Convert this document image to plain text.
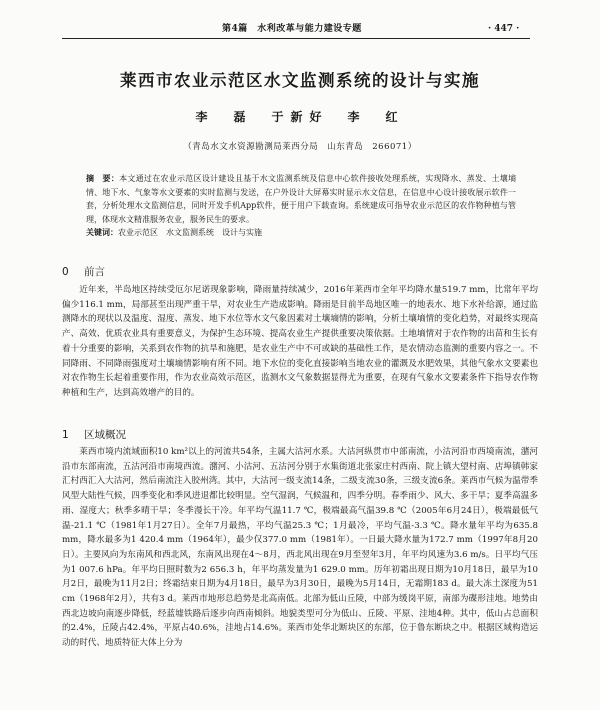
第4篇　水利改革与能力建设专题	· 447 ·
莱西市农业示范区水文监测系统的设计与实施
李　磊　于新好　李　红
（青岛水文水资源勘测局莱西分局　山东青岛　266071）
摘　要：本文通过在农业示范区设计建设且基于水文监测系统及信息中心软件接收处理系统，实现降水、蒸发、土壤墒情、地下水、气象等水文要素的实时监测与发送，在户外设计大屏幕实时显示水文信息，在信息中心设计接收展示软件一套，分析处理水文监测信息，同时开发手机App软件，便于用户下载查询。系统建成可指导农业示范区的农作物种植与管理，体现水文精准服务农业，服务民生的要求。
关键词：农业示范区　水文监测系统　设计与实施
0 前言
近年来，半岛地区持续受厄尔尼诺现象影响，降雨量持续减少，2016年莱西市全年平均降水量519.7 mm，比常年平均偏少116.1 mm，局部甚至出现严重干旱，对农业生产造成影响。降雨是目前半岛地区唯一的地表水、地下水补给源，通过监测降水的现状以及温度、湿度、蒸发、地下水位等水文气象因素对土壤墒情的影响，分析土壤墒情的变化趋势，对最终实现高产、高效、优质农业具有重要意义，为保护生态环境、提高农业生产提供重要决策依据。土地墒情对于农作物的出苗和生长有着十分重要的影响，关系到农作物的抗旱和施肥，是农业生产中不可或缺的基础性工作，是农情动态监测的重要内容之一。不同降雨、不同降雨强度对土壤墒情影响有所不同。地下水位的变化直接影响当地农业的灌溉及水肥效果，其他气象水文要素也对农作物生长起着重要作用，作为农业高效示范区，监测水文气象数据显得尤为重要，在现有气象水文要素条件下指导农作物种植和生产，达到高效增产的目的。
1 区域概况
莱西市境内流域面积10 km²以上的河流共54条，主属大沽河水系。大沽河纵贯市中部南流，小沽河沿市西境南流，潴河沿市东部南流，五沽河沿市南境西流。潴河、小沽河、五沽河分别于水集街道北张家庄村西南、院上镇大望村南、店埠镇韩家汇村西汇入大沽河，然后南流注入胶州湾。其中，大沽河一级支流14条，二级支流30条，三级支流6条。莱西市气候为温带季风型大陆性气候，四季变化和季风进退都比较明显。空气湿润，气候温和，四季分明。春季雨少、风大、多干旱；夏季高温多雨、湿度大；秋季多晴干旱；冬季漫长干冷。年平均气温11.7 ℃，极端最高气温39.8 ℃（2005年6月24日），极端最低气温-21.1 ℃（1981年1月27日）。全年7月最热，平均气温25.3 ℃；1月最冷，平均气温-3.3 ℃。降水量年平均为635.8 mm，降水最多为1 420.4 mm（1964年），最少仅377.0 mm（1981年）。一日最大降水量为172.7 mm（1997年8月20日）。主要风向为东南风和西北风，东南风出现在4～8月，西北风出现在9月至翌年3月，年平均风速为3.6 m/s。日平均气压为1 007.6 hPa。年平均日照时数为2 656.3 h，年平均蒸发量为1 629.0 mm。历年初霜出现日期为10月18日，最早为10月2日，最晚为11月2日；终霜结束日期为4月18日，最早为3月30日，最晚为5月14日，无霜期183 d。最大冻土深度为51 cm（1968年2月），共有3 d。莱西市地形总趋势是北高南低。北部为低山丘陵，中部为缓岗平原，南部为碟形洼地。地势由西北边坡向南逐步降低，经蓝墟铁路后逐步向西南倾斜。地貌类型可分为低山、丘陵、平原、洼地4种。其中，低山占总面积的2.4%，丘陵占42.4%，平原占40.6%，洼地占14.6%。莱西市处华北断块区的东部，位于鲁东断块之中。根据区域构造运动的时代、地质特征大体上分为
